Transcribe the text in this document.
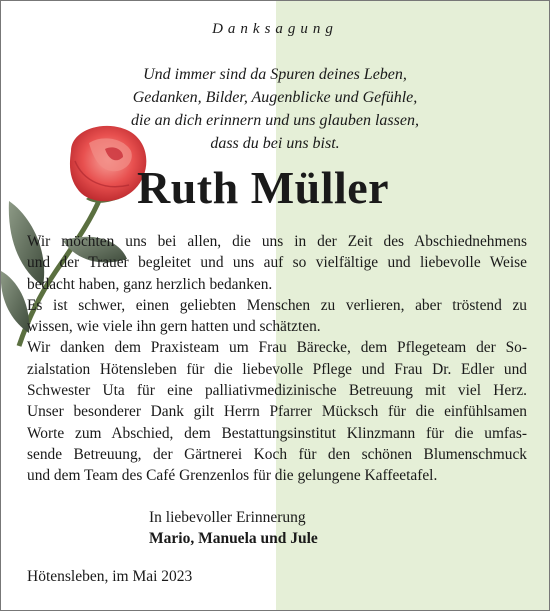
Danksagung
Und immer sind da Spuren deines Leben,
Gedanken, Bilder, Augenblicke und Gefühle,
die an dich erinnern und uns glauben lassen,
dass du bei uns bist.
Ruth Müller
Wir möchten uns bei allen, die uns in der Zeit des Abschiednehmens
und der Trauer begleitet und uns auf so vielfältige und liebevolle Weise
bedacht haben, ganz herzlich bedanken.
Es ist schwer, einen geliebten Menschen zu verlieren, aber tröstend zu
wissen, wie viele ihn gern hatten und schätzten.
Wir danken dem Praxisteam um Frau Bärecke, dem Pflegeteam der So-
zialstation Hötensleben für die liebevolle Pflege und Frau Dr. Edler und
Schwester Uta für eine palliativmedizinische Betreuung mit viel Herz.
Unser besonderer Dank gilt Herrn Pfarrer Mücksch für die einfühlsamen
Worte zum Abschied, dem Bestattungsinstitut Klinzmann für die umfas-
sende Betreuung, der Gärtnerei Koch für den schönen Blumenschmuck
und dem Team des Café Grenzenlos für die gelungene Kaffeetafel.
In liebevoller Erinnerung
Mario, Manuela und Jule
Hötensleben, im Mai 2023
